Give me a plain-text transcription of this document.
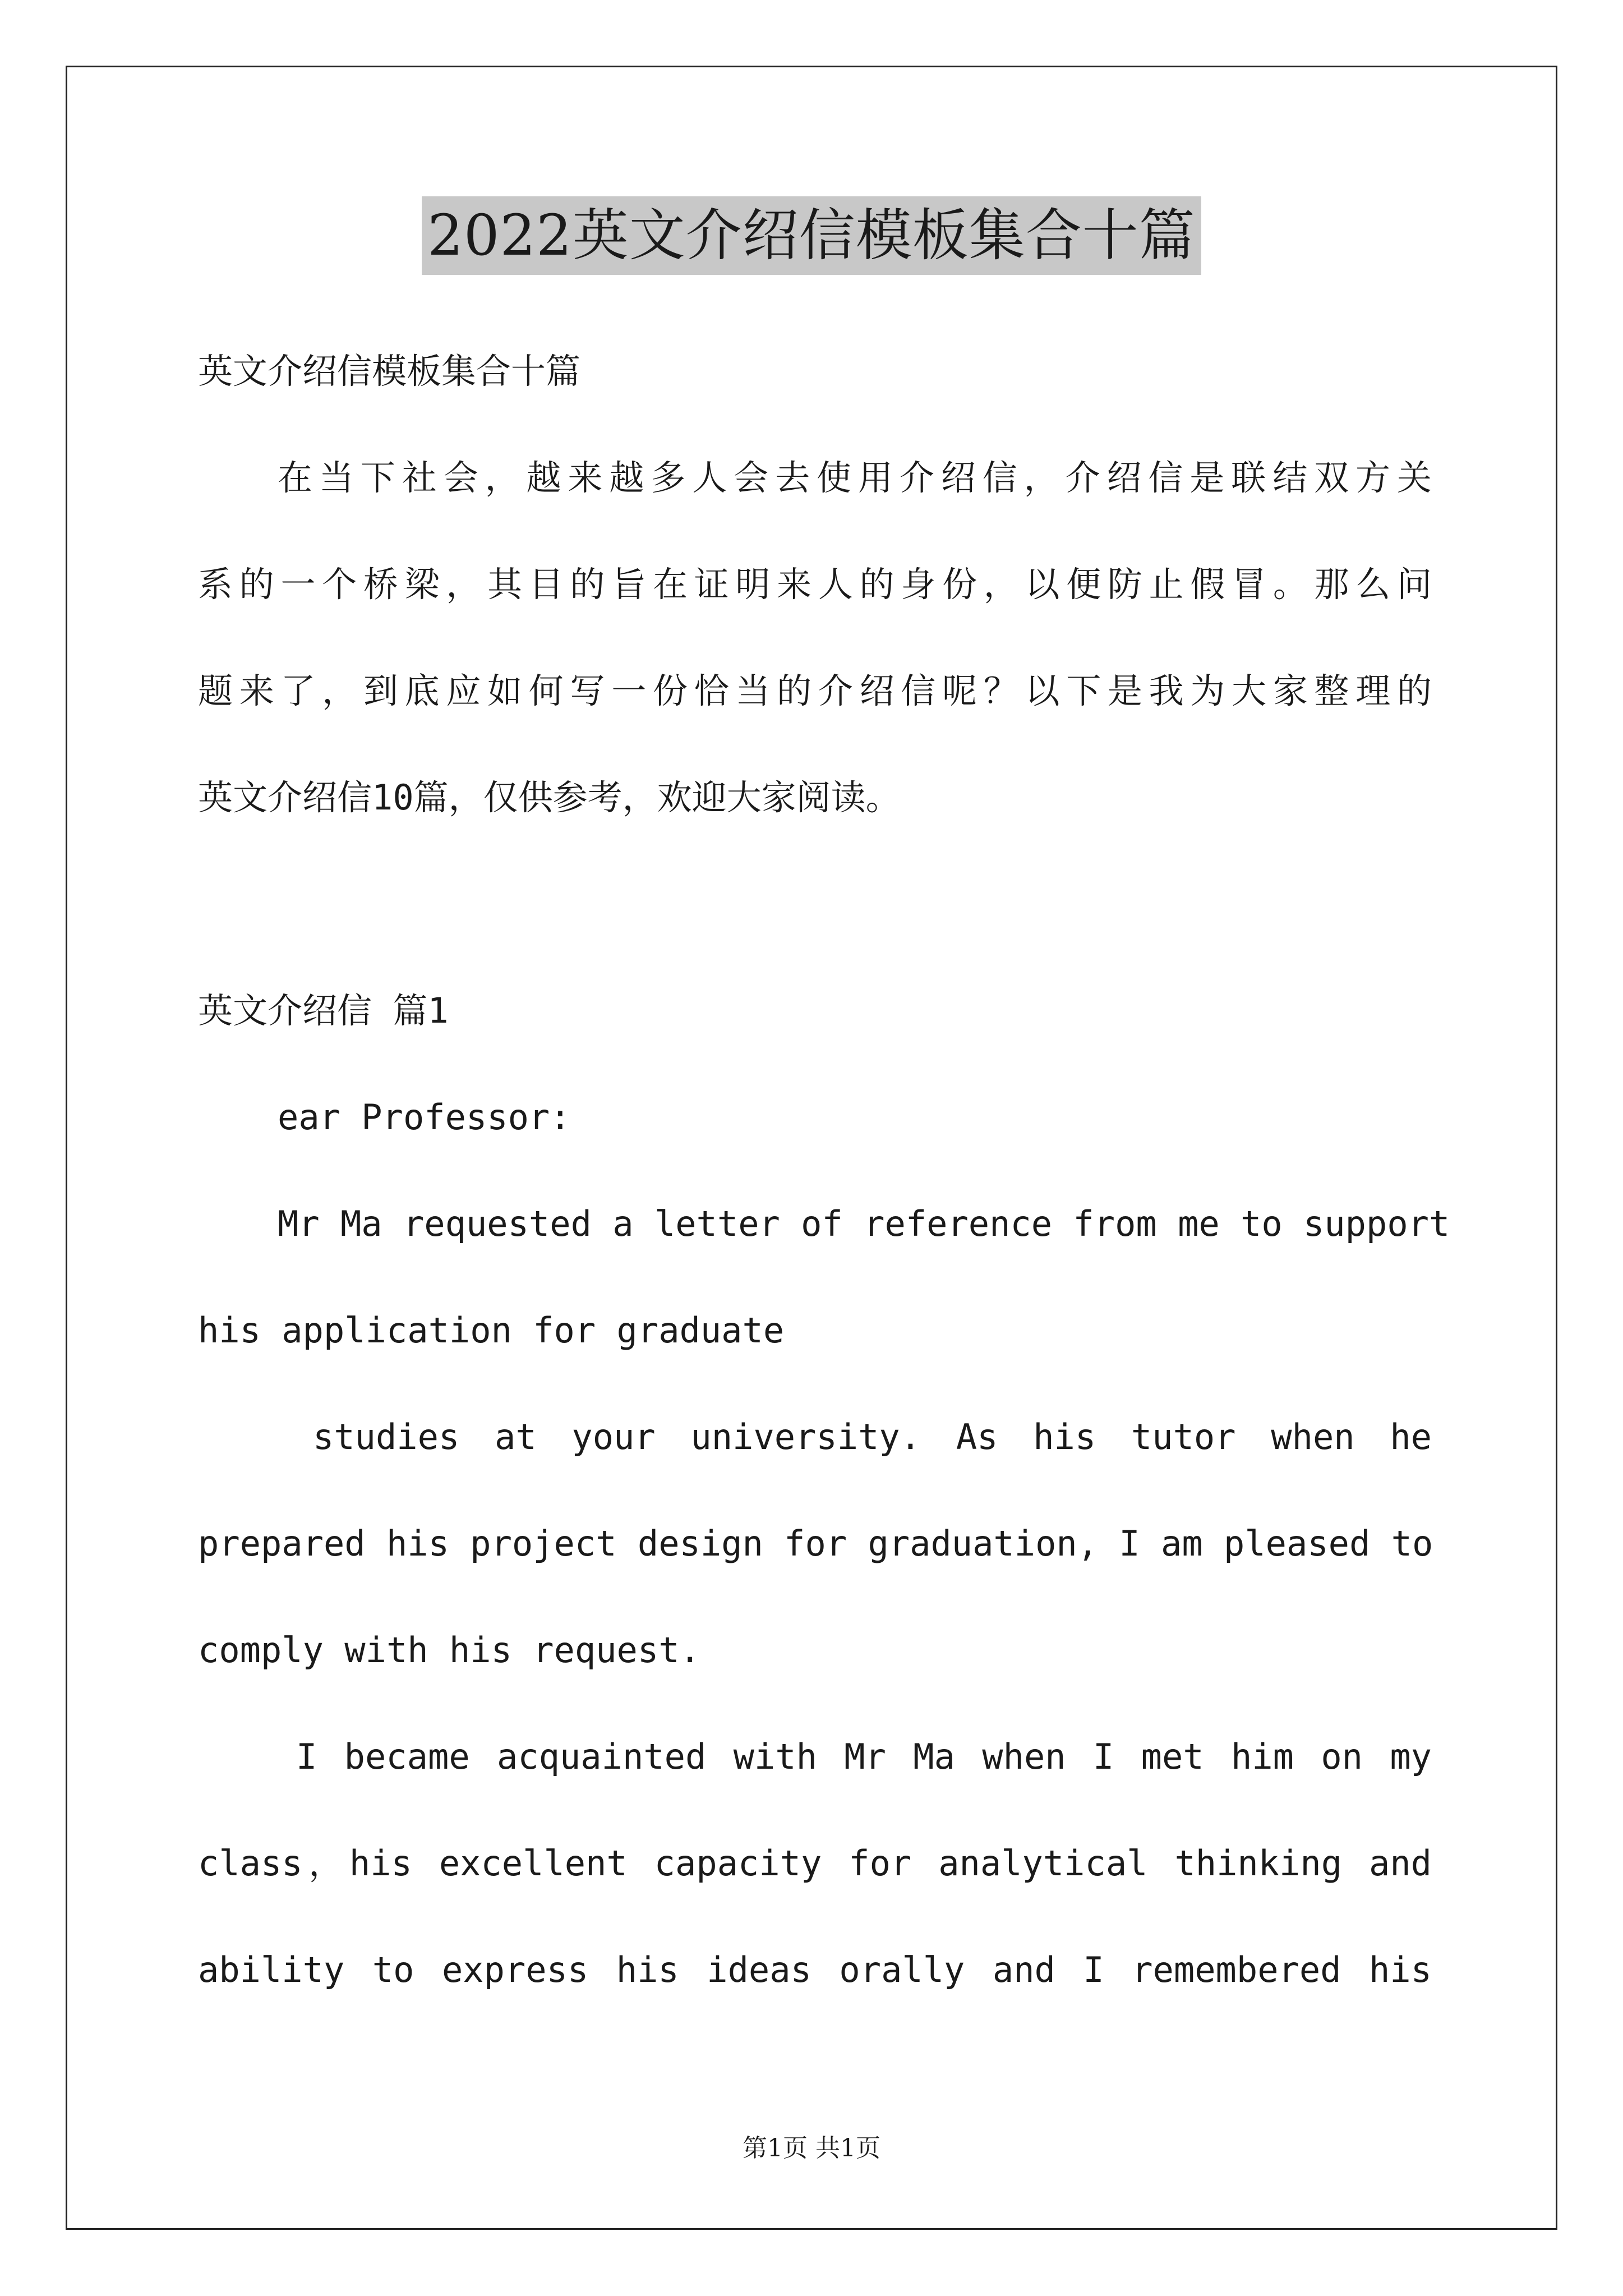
2022英文介绍信模板集合十篇
英文介绍信模板集合十篇
在当下社会，越来越多人会去使用介绍信，介绍信是联结双方关
系的一个桥梁，其目的旨在证明来人的身份，以便防止假冒。那么问
题来了，到底应如何写一份恰当的介绍信呢？以下是我为大家整理的
英文介绍信10篇，仅供参考，欢迎大家阅读。
英文介绍信 篇1
ear Professor:
Mr Ma requested a letter of reference from me to support
his application for graduate
studies at your university. As his tutor when he
prepared his project design for graduation, I am pleased to
comply with his request.
I became acquainted with Mr Ma when I met him on my
class，his excellent capacity for analytical thinking and
ability to express his ideas orally and I remembered his
第1页 共1页
